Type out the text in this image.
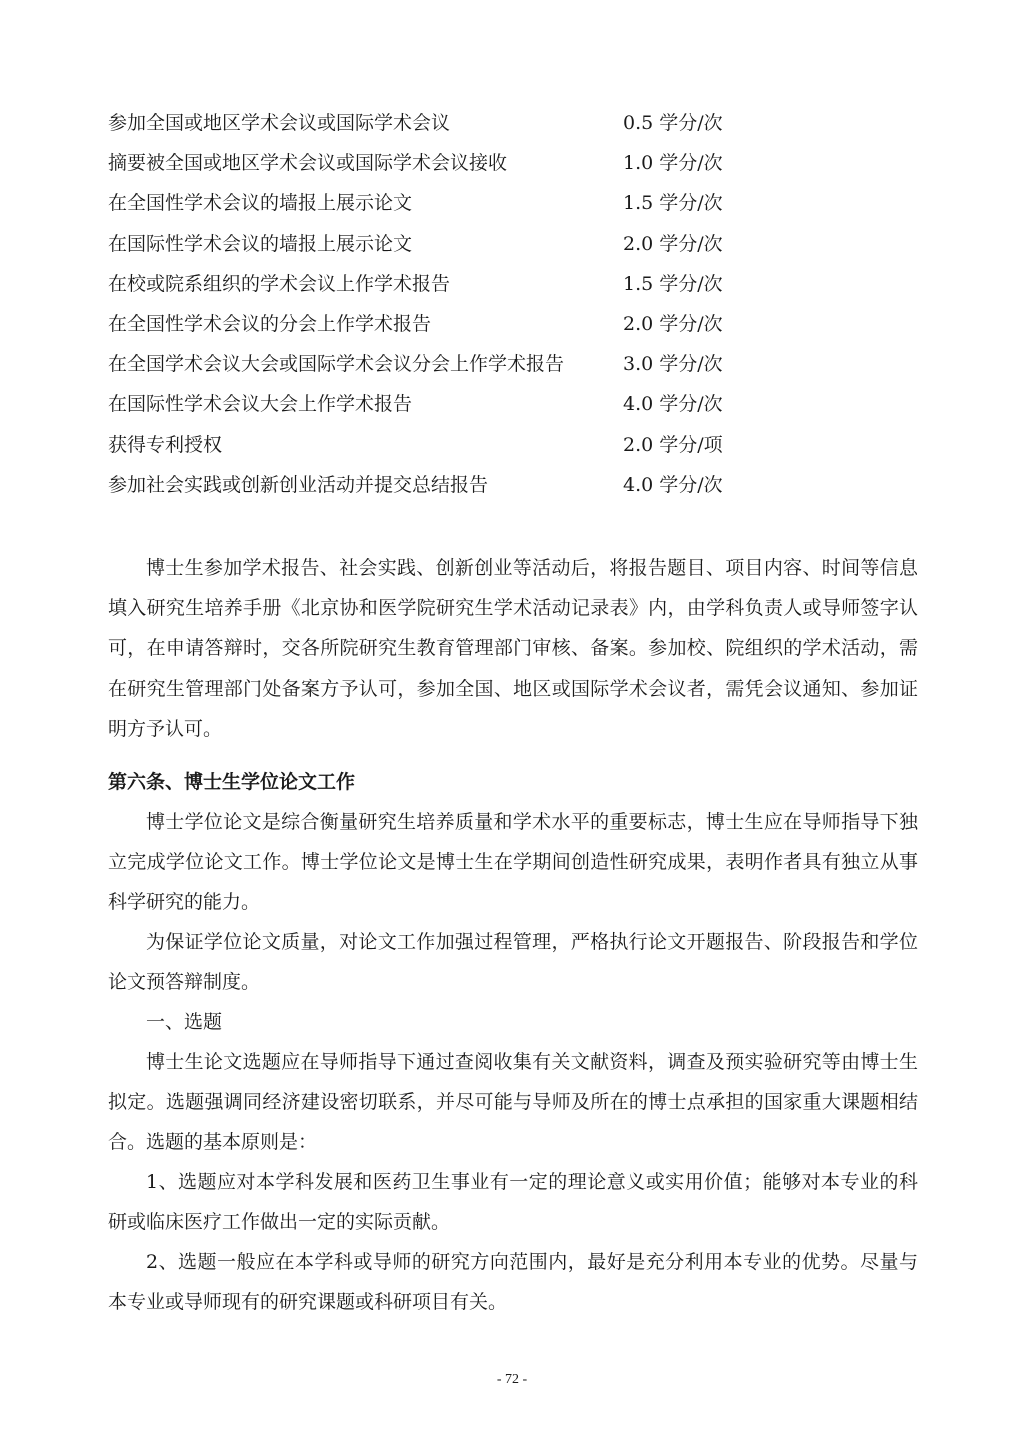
参加全国或地区学术会议或国际学术会议	0.5 学分/次
摘要被全国或地区学术会议或国际学术会议接收	1.0 学分/次
在全国性学术会议的墙报上展示论文	1.5 学分/次
在国际性学术会议的墙报上展示论文	2.0 学分/次
在校或院系组织的学术会议上作学术报告	1.5 学分/次
在全国性学术会议的分会上作学术报告	2.0 学分/次
在全国学术会议大会或国际学术会议分会上作学术报告	3.0 学分/次
在国际性学术会议大会上作学术报告	4.0 学分/次
获得专利授权	2.0 学分/项
参加社会实践或创新创业活动并提交总结报告	4.0 学分/次

博士生参加学术报告、社会实践、创新创业等活动后，将报告题目、项目内容、时间等信息填入研究生培养手册《北京协和医学院研究生学术活动记录表》内，由学科负责人或导师签字认可，在申请答辩时，交各所院研究生教育管理部门审核、备案。参加校、院组织的学术活动，需在研究生管理部门处备案方予认可，参加全国、地区或国际学术会议者，需凭会议通知、参加证明方予认可。

第六条、博士生学位论文工作

博士学位论文是综合衡量研究生培养质量和学术水平的重要标志，博士生应在导师指导下独立完成学位论文工作。博士学位论文是博士生在学期间创造性研究成果，表明作者具有独立从事科学研究的能力。

为保证学位论文质量，对论文工作加强过程管理，严格执行论文开题报告、阶段报告和学位论文预答辩制度。

一、选题

博士生论文选题应在导师指导下通过查阅收集有关文献资料，调查及预实验研究等由博士生拟定。选题强调同经济建设密切联系，并尽可能与导师及所在的博士点承担的国家重大课题相结合。选题的基本原则是：

1、选题应对本学科发展和医药卫生事业有一定的理论意义或实用价值；能够对本专业的科研或临床医疗工作做出一定的实际贡献。

2、选题一般应在本学科或导师的研究方向范围内，最好是充分利用本专业的优势。尽量与本专业或导师现有的研究课题或科研项目有关。

- 72 -
